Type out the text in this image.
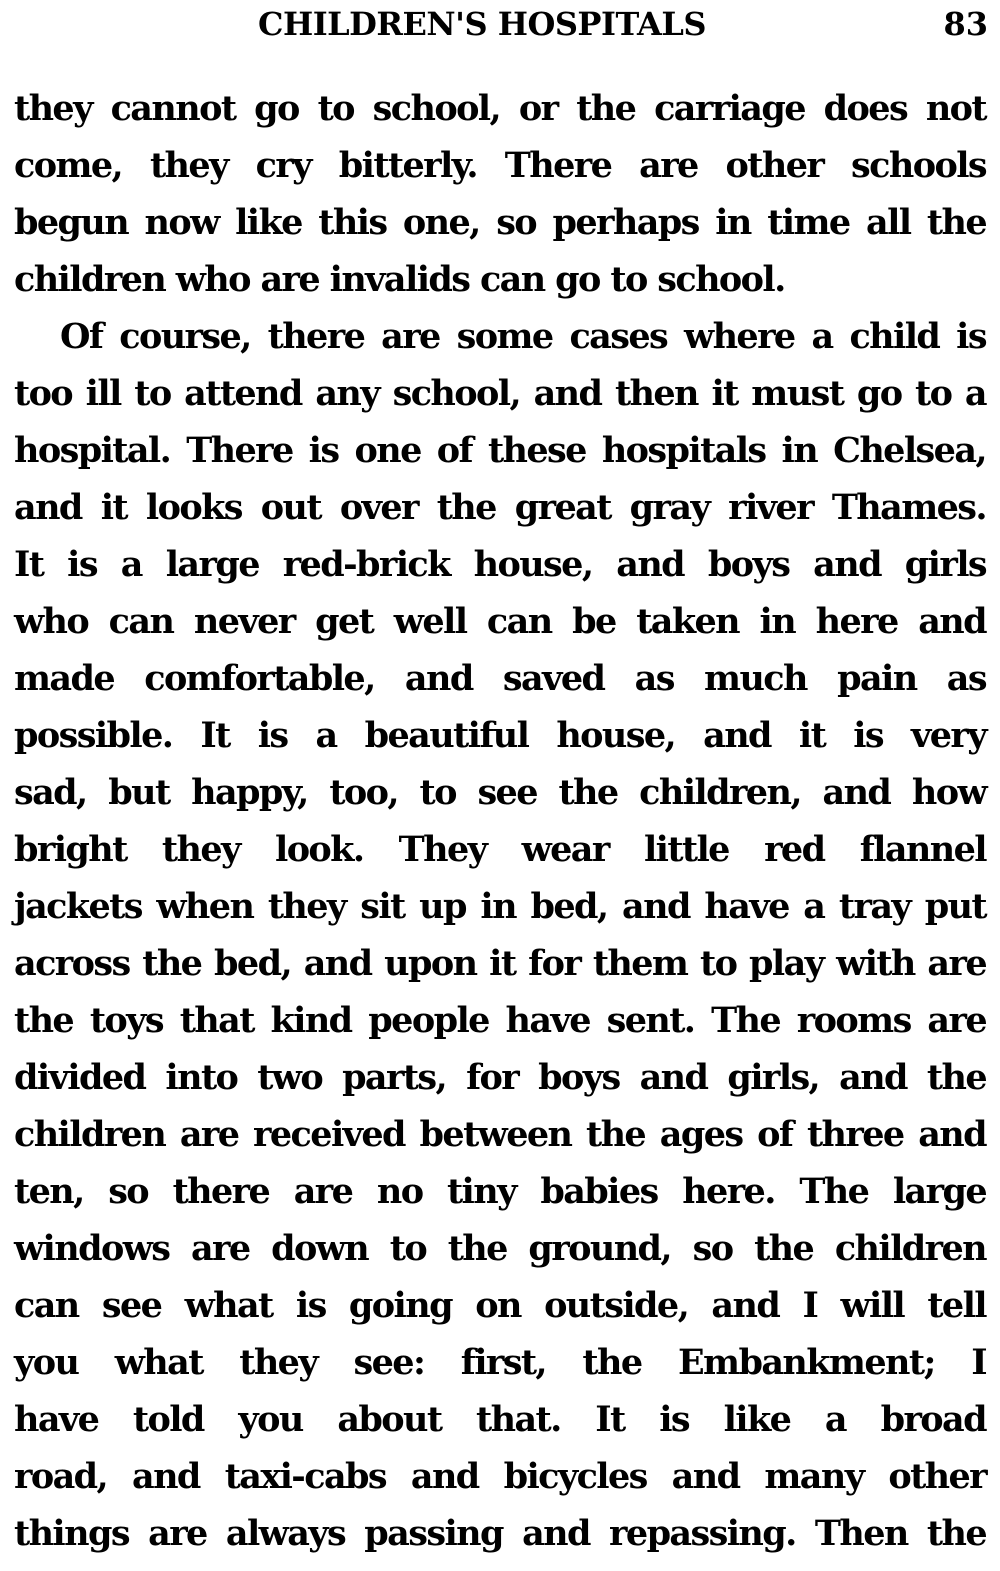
CHILDREN'S HOSPITALS	83
they cannot go to school, or the carriage does not
come, they cry bitterly. There are other schools
begun now like this one, so perhaps in time all the
children who are invalids can go to school.
Of course, there are some cases where a child is
too ill to attend any school, and then it must go to a
hospital. There is one of these hospitals in Chelsea,
and it looks out over the great gray river Thames.
It is a large red-brick house, and boys and girls
who can never get well can be taken in here and
made comfortable, and saved as much pain as
possible. It is a beautiful house, and it is very
sad, but happy, too, to see the children, and how
bright they look. They wear little red flannel
jackets when they sit up in bed, and have a tray put
across the bed, and upon it for them to play with are
the toys that kind people have sent. The rooms are
divided into two parts, for boys and girls, and the
children are received between the ages of three and
ten, so there are no tiny babies here. The large
windows are down to the ground, so the children
can see what is going on outside, and I will tell
you what they see: first, the Embankment; I
have told you about that. It is like a broad
road, and taxi-cabs and bicycles and many other
things are always passing and repassing. Then the
